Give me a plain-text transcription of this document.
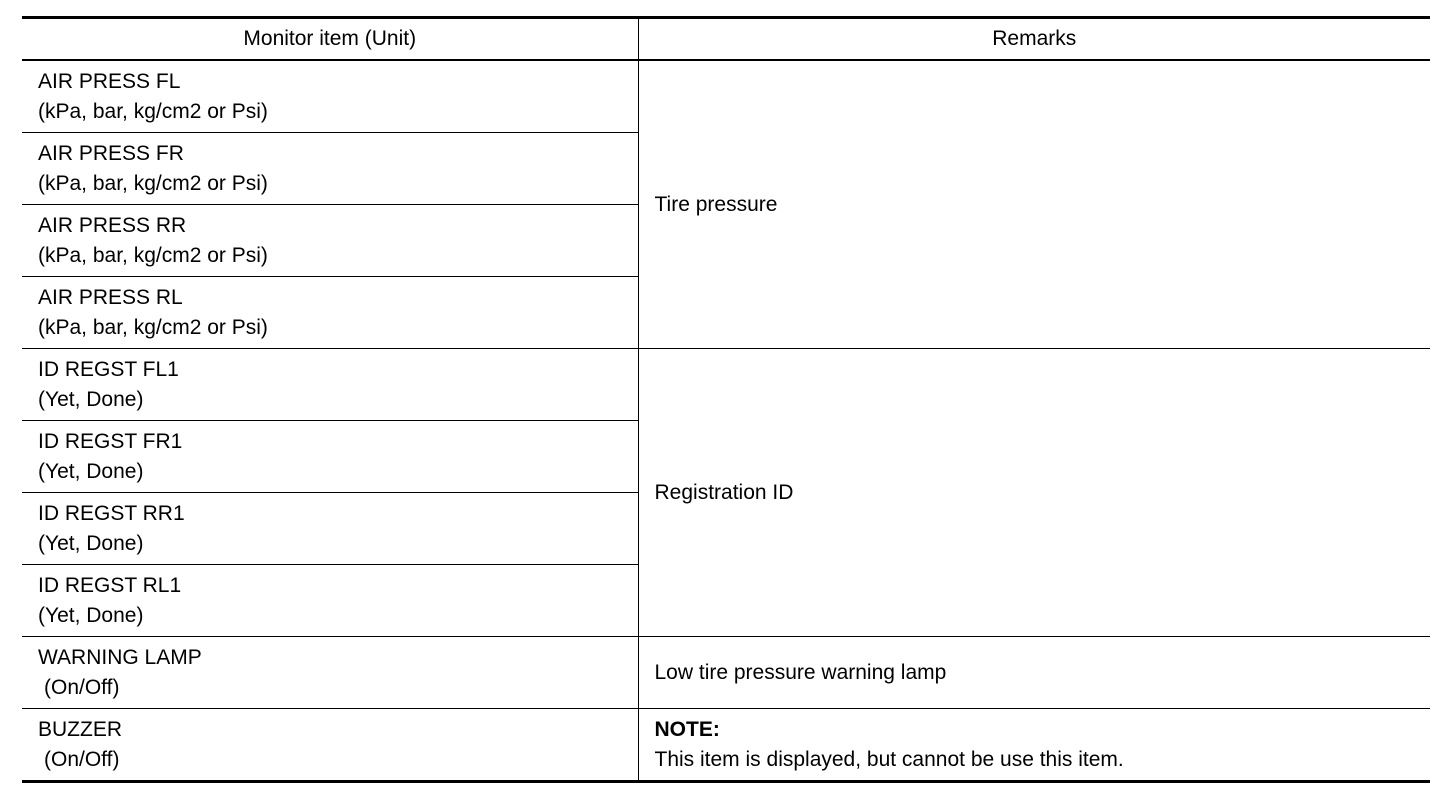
Monitor item (Unit)	Remarks

AIR PRESS FL
(kPa, bar, kg/cm2 or Psi)	Tire pressure

AIR PRESS FR
(kPa, bar, kg/cm2 or Psi)	

AIR PRESS RR
(kPa, bar, kg/cm2 or Psi)	

AIR PRESS RL
(kPa, bar, kg/cm2 or Psi)	

ID REGST FL1
(Yet, Done)	Registration ID

ID REGST FR1
(Yet, Done)	

ID REGST RR1
(Yet, Done)	

ID REGST RL1
(Yet, Done)	

WARNING LAMP
(On/Off)	Low tire pressure warning lamp

BUZZER
(On/Off)	NOTE:
This item is displayed, but cannot be use this item.
